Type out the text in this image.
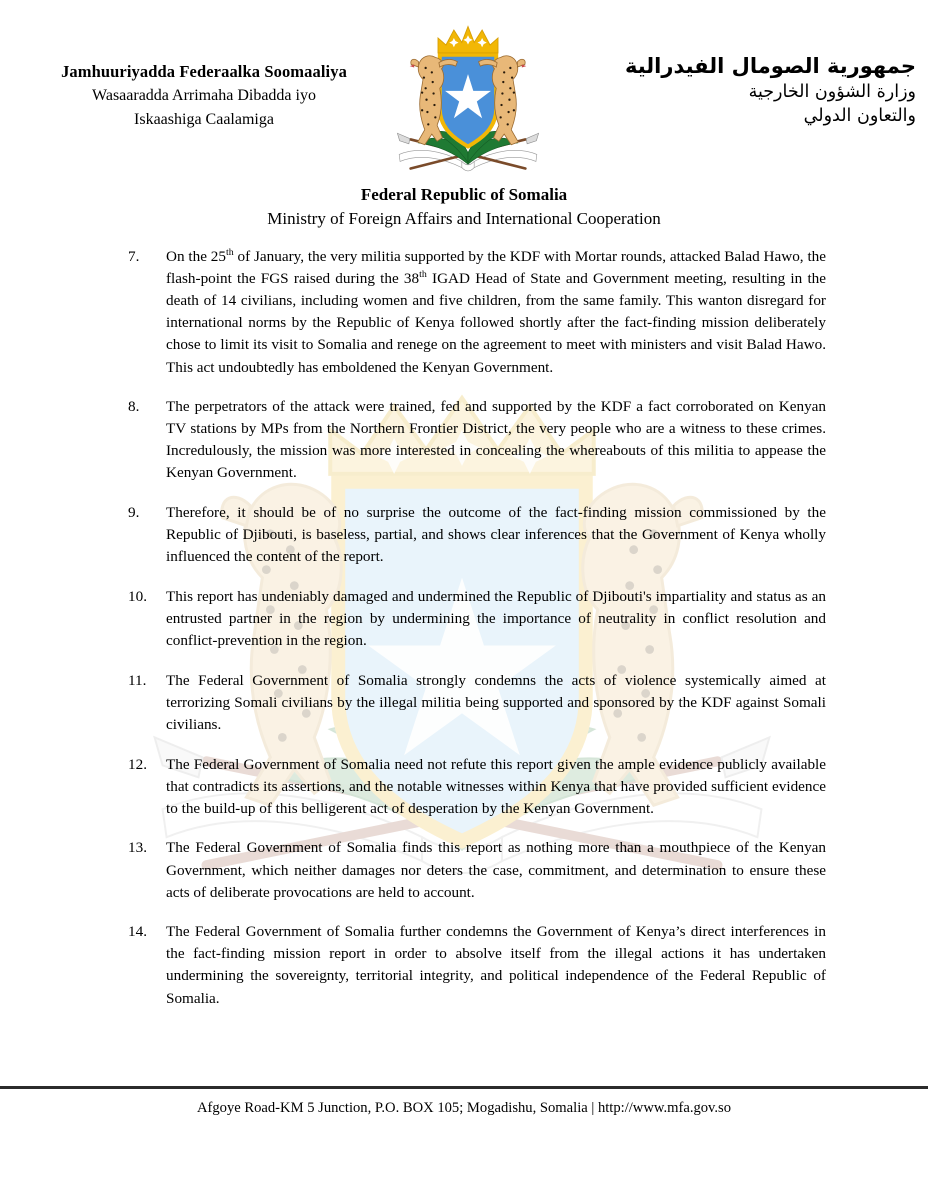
Jamhuuriyadda Federaalka Soomaaliya
Wasaaradda Arrimaha Dibadda iyo
Iskaashiga Caalamiga
جمهورية الصومال الفيدرالية
وزارة الشؤون الخارجية
والتعاون الدولي
Federal Republic of Somalia
Ministry of Foreign Affairs and International Cooperation
7.	On the 25th of January, the very militia supported by the KDF with Mortar rounds, attacked Balad Hawo, the flash-point the FGS raised during the 38th IGAD Head of State and Government meeting, resulting in the death of 14 civilians, including women and five children, from the same family. This wanton disregard for international norms by the Republic of Kenya followed shortly after the fact-finding mission deliberately chose to limit its visit to Somalia and renege on the agreement to meet with ministers and visit Balad Hawo. This act undoubtedly has emboldened the Kenyan Government.
8.	The perpetrators of the attack were trained, fed and supported by the KDF a fact corroborated on Kenyan TV stations by MPs from the Northern Frontier District, the very people who are a witness to these crimes. Incredulously, the mission was more interested in concealing the whereabouts of this militia to appease the Kenyan Government.
9.	Therefore, it should be of no surprise the outcome of the fact-finding mission commissioned by the Republic of Djibouti, is baseless, partial, and shows clear inferences that the Government of Kenya wholly influenced the content of the report.
10.	This report has undeniably damaged and undermined the Republic of Djibouti's impartiality and status as an entrusted partner in the region by undermining the importance of neutrality in conflict resolution and conflict-prevention in the region.
11.	The Federal Government of Somalia strongly condemns the acts of violence systemically aimed at terrorizing Somali civilians by the illegal militia being supported and sponsored by the KDF against Somali civilians.
12.	The Federal Government of Somalia need not refute this report given the ample evidence publicly available that contradicts its assertions, and the notable witnesses within Kenya that have provided sufficient evidence to the build-up of this belligerent act of desperation by the Kenyan Government.
13.	The Federal Government of Somalia finds this report as nothing more than a mouthpiece of the Kenyan Government, which neither damages nor deters the case, commitment, and determination to ensure these acts of deliberate provocations are held to account.
14.	The Federal Government of Somalia further condemns the Government of Kenya’s direct interferences in the fact-finding mission report in order to absolve itself from the illegal actions it has undertaken undermining the sovereignty, territorial integrity, and political independence of the Federal Republic of Somalia.
Afgoye Road-KM 5 Junction, P.O. BOX 105; Mogadishu, Somalia | http://www.mfa.gov.so
